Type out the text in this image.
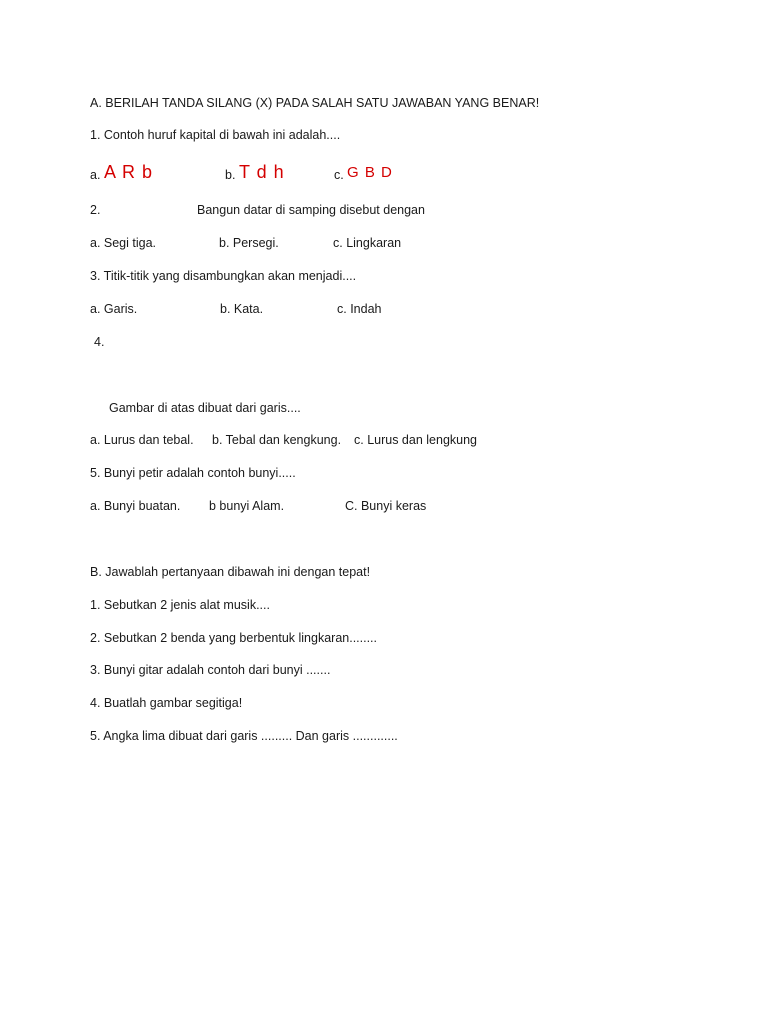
A. BERILAH TANDA SILANG (X) PADA SALAH SATU JAWABAN YANG BENAR!
1. Contoh huruf kapital di bawah ini adalah....
a. A R b	b. T d h	c. G B D
2.	Bangun datar di samping disebut dengan
a. Segi tiga.	b. Persegi.	c. Lingkaran
3. Titik-titik yang disambungkan akan menjadi....
a. Garis.	b. Kata.	c. Indah
4.
Gambar di atas dibuat dari garis....
a. Lurus dan tebal. b. Tebal dan kengkung. c. Lurus dan lengkung
5. Bunyi petir adalah contoh bunyi.....
a. Bunyi buatan. b bunyi Alam.	C. Bunyi keras
B. Jawablah pertanyaan dibawah ini dengan tepat!
1. Sebutkan 2 jenis alat musik....
2. Sebutkan 2 benda yang berbentuk lingkaran........
3. Bunyi gitar adalah contoh dari bunyi .......
4. Buatlah gambar segitiga!
5. Angka lima dibuat dari garis ......... Dan garis .............
